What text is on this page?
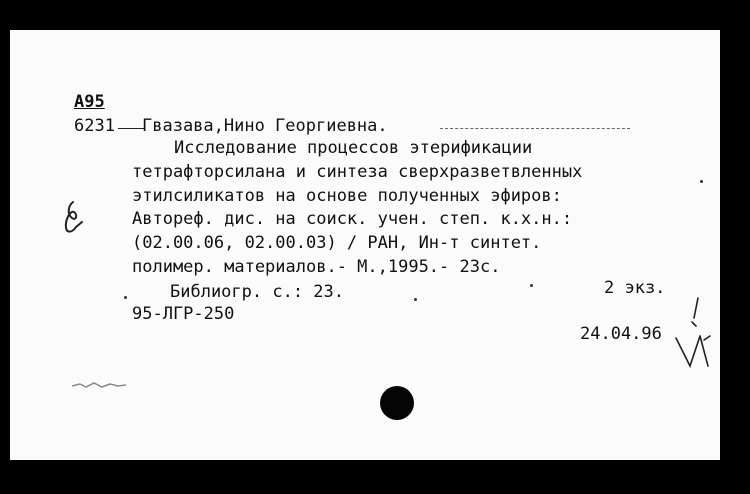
А95

6231 Гвазава,Нино Георгиевна.

Исследование процессов этерификации

тетрафторсилана и синтеза сверхразветвленных

этилсиликатов на основе полученных эфиров:

Автореф. дис. на соиск. учен. степ. к.х.н.:

(02.00.06, 02.00.03) / РАН, Ин-т синтет.

полимер. материалов.- М.,1995.- 23с.

Библиогр. с.: 23.	2 экз.

95-ЛГР-250

24.04.96
